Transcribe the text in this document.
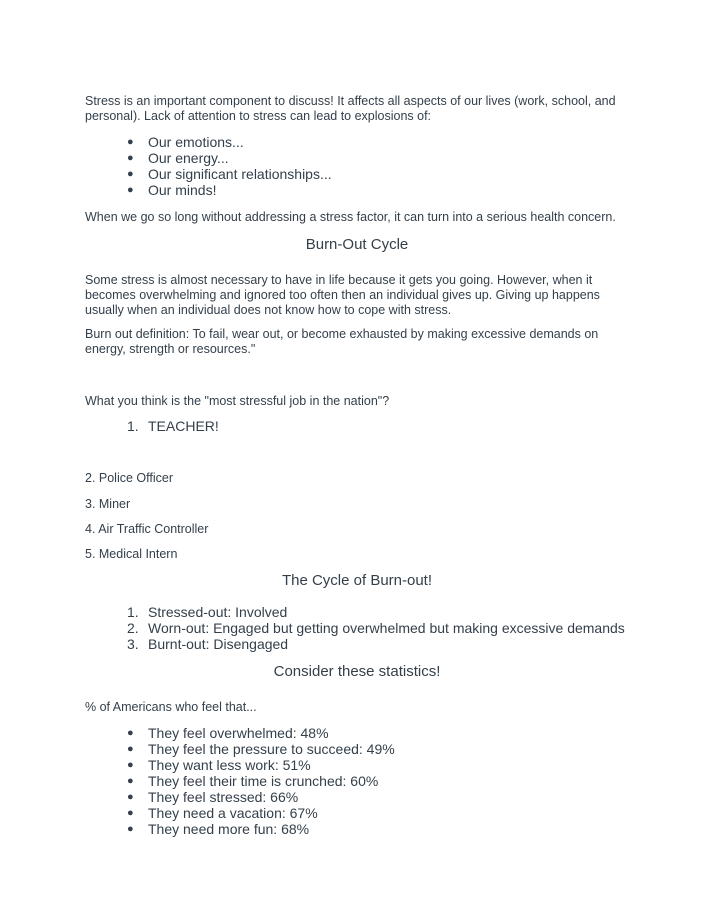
Stress is an important component to discuss! It affects all aspects of our lives (work, school, and personal). Lack of attention to stress can lead to explosions of:

● Our emotions...
● Our energy...
● Our significant relationships...
● Our minds!

When we go so long without addressing a stress factor, it can turn into a serious health concern.

Burn-Out Cycle

Some stress is almost necessary to have in life because it gets you going. However, when it becomes overwhelming and ignored too often then an individual gives up. Giving up happens usually when an individual does not know how to cope with stress.

Burn out definition: To fail, wear out, or become exhausted by making excessive demands on energy, strength or resources."

What you think is the "most stressful job in the nation"?

1. TEACHER!

2. Police Officer

3. Miner

4. Air Traffic Controller

5. Medical Intern

The Cycle of Burn-out!
1. Stressed-out: Involved
2. Worn-out: Engaged but getting overwhelmed but making excessive demands
3. Burnt-out: Disengaged
Consider these statistics!

% of Americans who feel that...

● They feel overwhelmed: 48%
● They feel the pressure to succeed: 49%
● They want less work: 51%
● They feel their time is crunched: 60%
● They feel stressed: 66%
● They need a vacation: 67%
● They need more fun: 68%
